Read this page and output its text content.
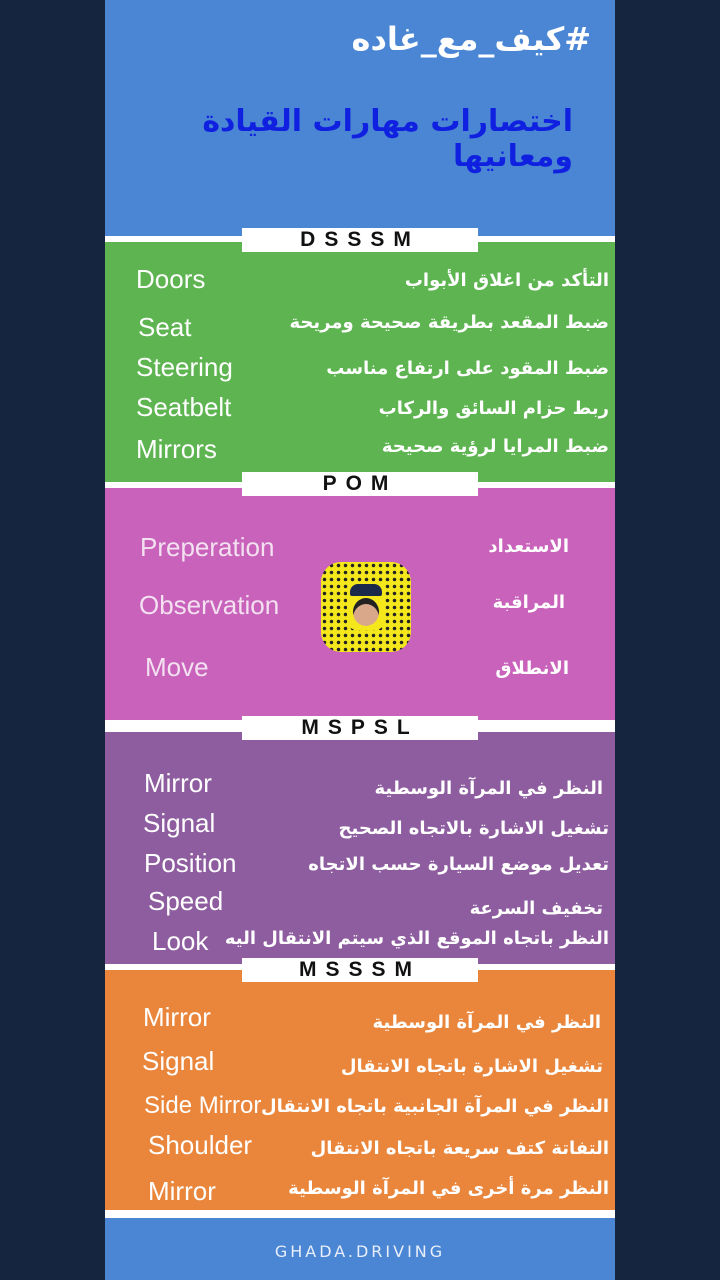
#كيف_مع_غاده
اختصارات مهارات القيادة ومعانيها
Doors	التأكد من اغلاق الأبواب
Seat	ضبط المقعد بطريقة صحيحة ومريحة
Steering	ضبط المقود على ارتفاع مناسب
Seatbelt	ربط حزام السائق والركاب
Mirrors	ضبط المرايا لرؤية صحيحة
Preperation	الاستعداد
Observation	المراقبة
Move	الانطلاق
Mirror	النظر في المرآة الوسطية
Signal	تشغيل الاشارة بالاتجاه الصحيح
Position	تعديل موضع السيارة حسب الاتجاه
Speed	تخفيف السرعة
Look النظر باتجاه الموقع الذي سيتم الانتقال اليه
Mirror	النظر في المرآة الوسطية
Signal	تشغيل الاشارة باتجاه الانتقال
Side Mirror النظر في المرآة الجانبية باتجاه الانتقال
Shoulder	التفاتة كتف سريعة باتجاه الانتقال
Mirror	النظر مرة أخرى في المرآة الوسطية
DSSSM
POM
MSPSL
MSSSM
GHADA.DRIVING
